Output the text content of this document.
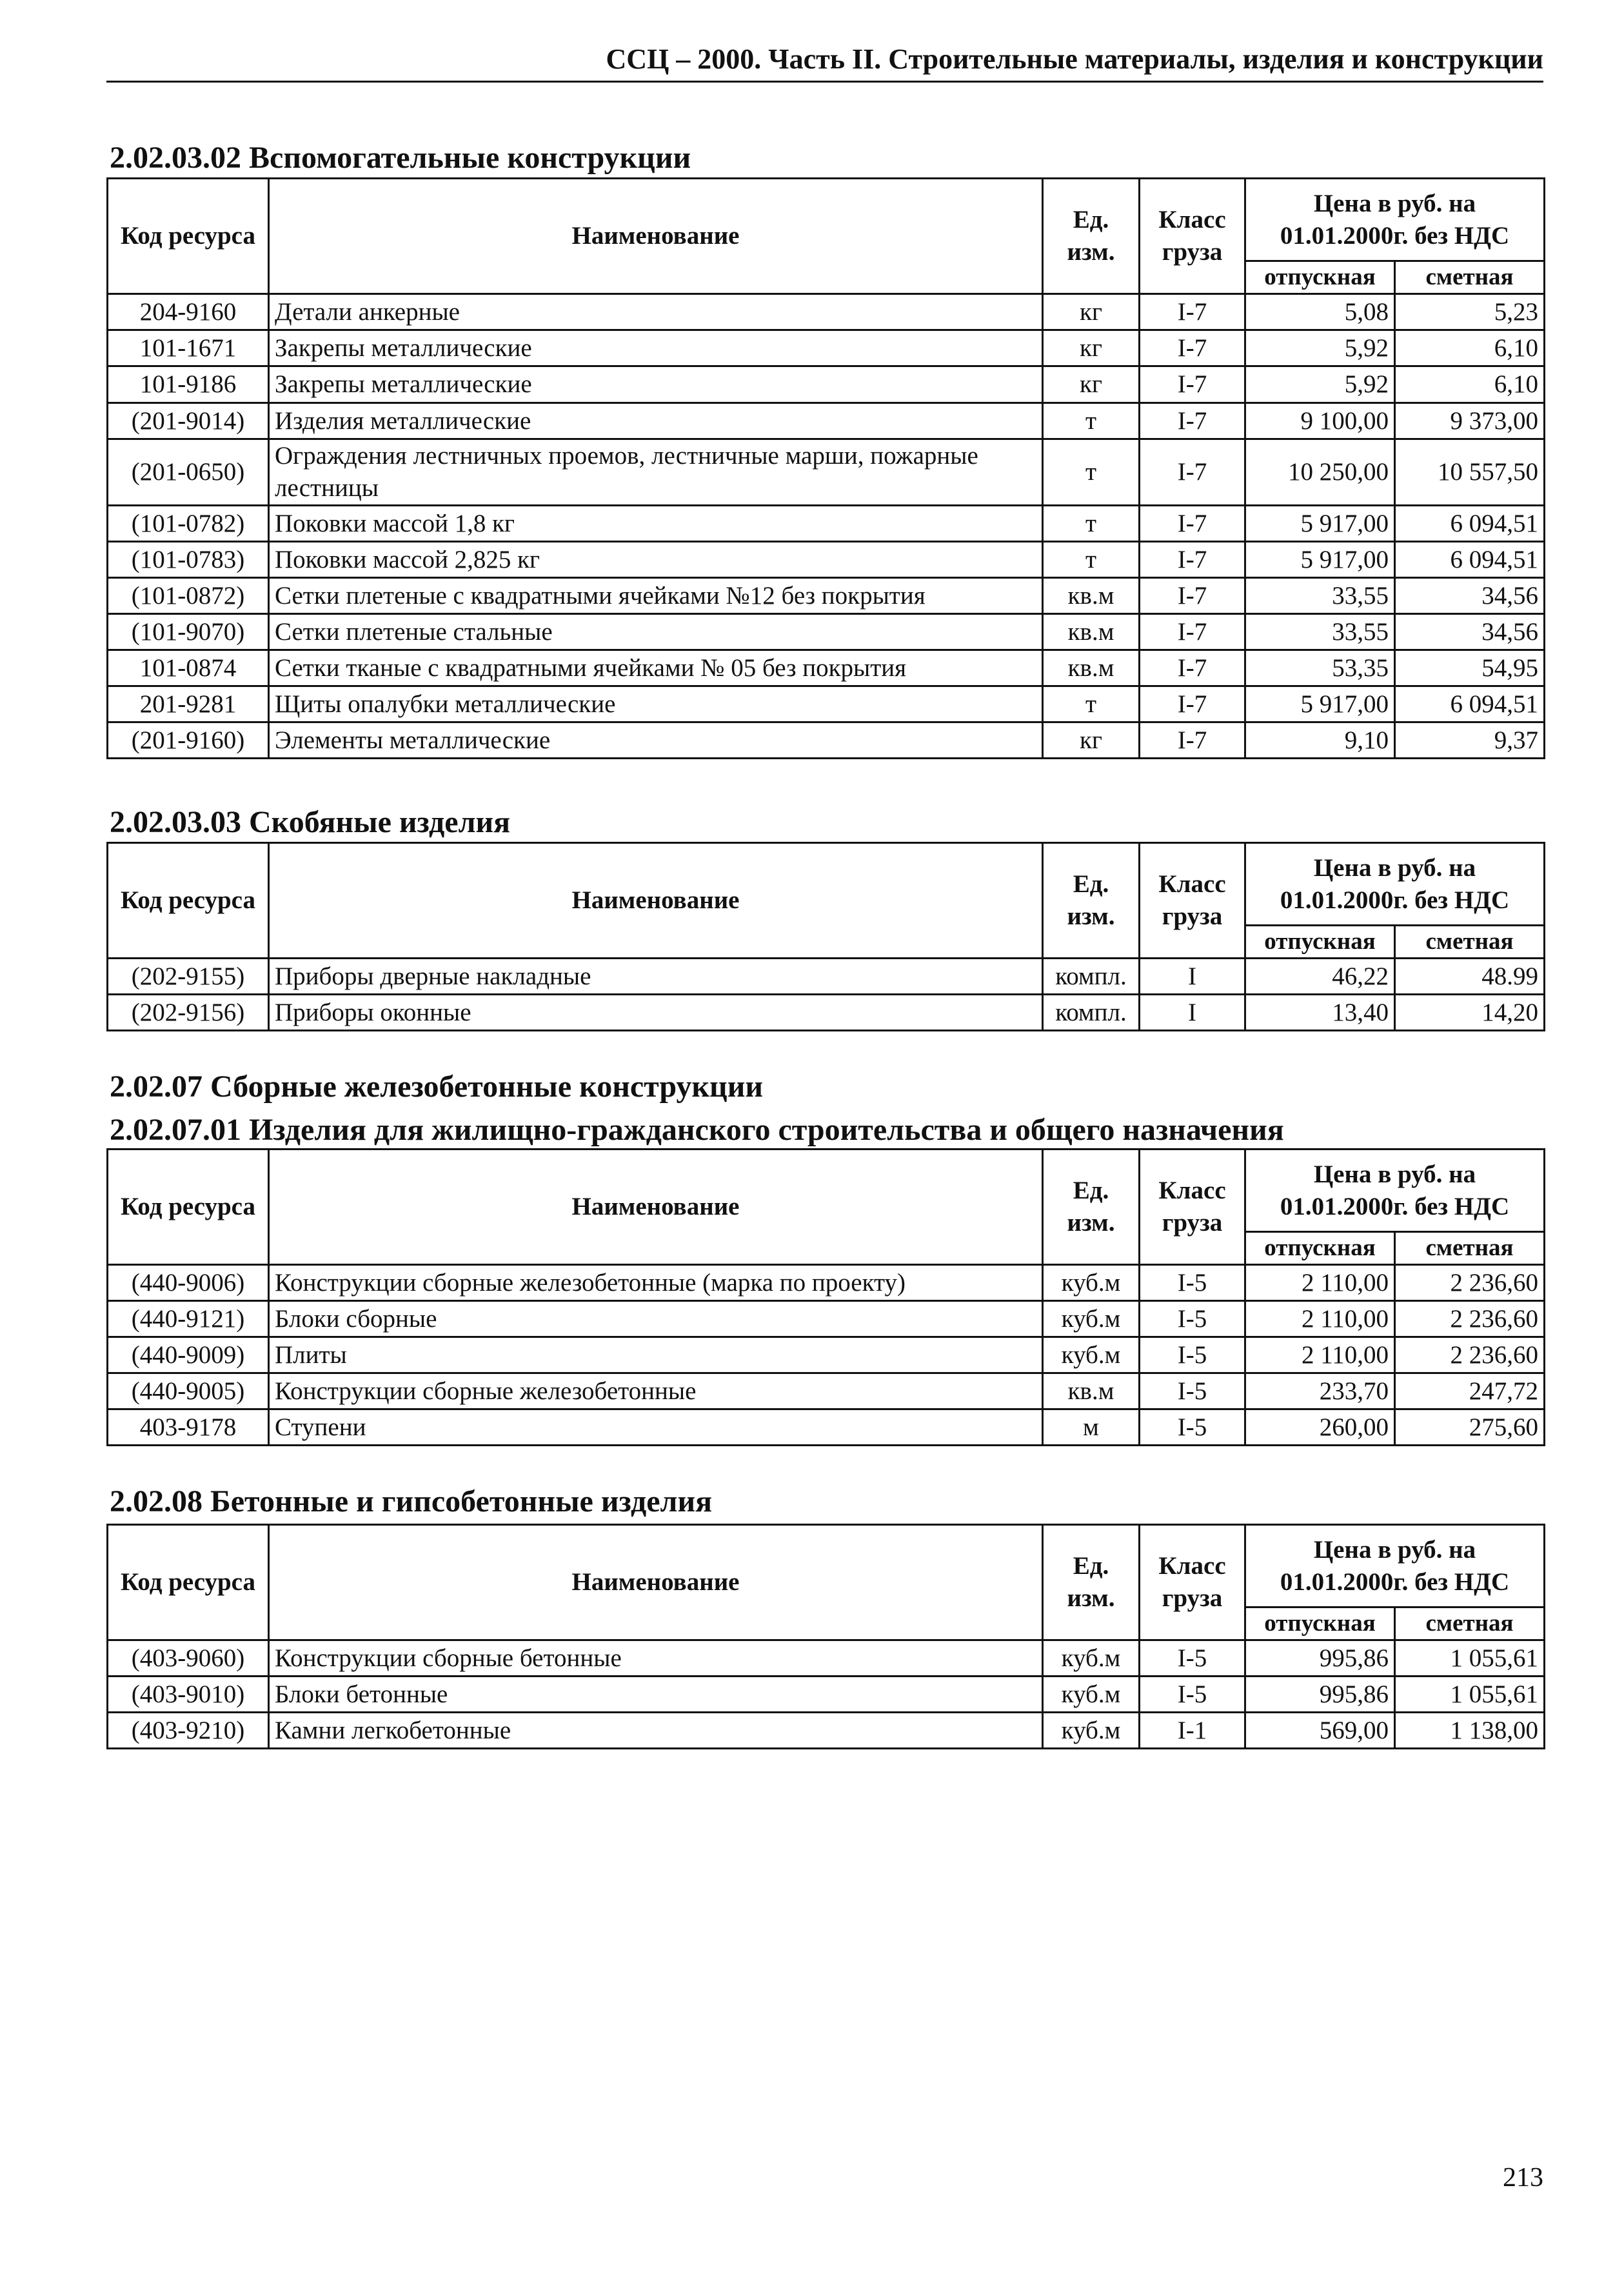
ССЦ – 2000. Часть II. Строительные материалы, изделия и конструкции
2.02.03.02 Вспомогательные конструкции
Код ресурса	Наименование	Ед. изм.	Класс груза	Цена в руб. на 01.01.2000г. без НДС	
				отпускная	сметная
204-9160	Детали анкерные	кг	I-7	5,08	5,23
101-1671	Закрепы металлические	кг	I-7	5,92	6,10
101-9186	Закрепы металлические	кг	I-7	5,92	6,10
(201-9014)	Изделия металлические	т	I-7	9 100,00	9 373,00
(201-0650)	Ограждения лестничных проемов, лестничные марши, пожарные лестницы	т	I-7	10 250,00	10 557,50
(101-0782)	Поковки массой 1,8 кг	т	I-7	5 917,00	6 094,51
(101-0783)	Поковки массой 2,825 кг	т	I-7	5 917,00	6 094,51
(101-0872)	Сетки плетеные с квадратными ячейками №12 без покрытия	кв.м	I-7	33,55	34,56
(101-9070)	Сетки плетеные стальные	кв.м	I-7	33,55	34,56
101-0874	Сетки тканые с квадратными ячейками № 05 без покрытия	кв.м	I-7	53,35	54,95
201-9281	Щиты опалубки металлические	т	I-7	5 917,00	6 094,51
(201-9160)	Элементы металлические	кг	I-7	9,10	9,37
2.02.03.03 Скобяные изделия
Код ресурса	Наименование	Ед. изм.	Класс груза	Цена в руб. на 01.01.2000г. без НДС	
				отпускная	сметная
(202-9155)	Приборы дверные накладные	компл.	I	46,22	48.99
(202-9156)	Приборы оконные	компл.	I	13,40	14,20
2.02.07 Сборные железобетонные конструкции
2.02.07.01 Изделия для жилищно-гражданского строительства и общего назначения
Код ресурса	Наименование	Ед. изм.	Класс груза	Цена в руб. на 01.01.2000г. без НДС	
				отпускная	сметная
(440-9006)	Конструкции сборные железобетонные (марка по проекту)	куб.м	I-5	2 110,00	2 236,60
(440-9121)	Блоки сборные	куб.м	I-5	2 110,00	2 236,60
(440-9009)	Плиты	куб.м	I-5	2 110,00	2 236,60
(440-9005)	Конструкции сборные железобетонные	кв.м	I-5	233,70	247,72
403-9178	Ступени	м	I-5	260,00	275,60
2.02.08 Бетонные и гипсобетонные изделия
Код ресурса	Наименование	Ед. изм.	Класс груза	Цена в руб. на 01.01.2000г. без НДС	
				отпускная	сметная
(403-9060)	Конструкции сборные бетонные	куб.м	I-5	995,86	1 055,61
(403-9010)	Блоки бетонные	куб.м	I-5	995,86	1 055,61
(403-9210)	Камни легкобетонные	куб.м	I-1	569,00	1 138,00
213
